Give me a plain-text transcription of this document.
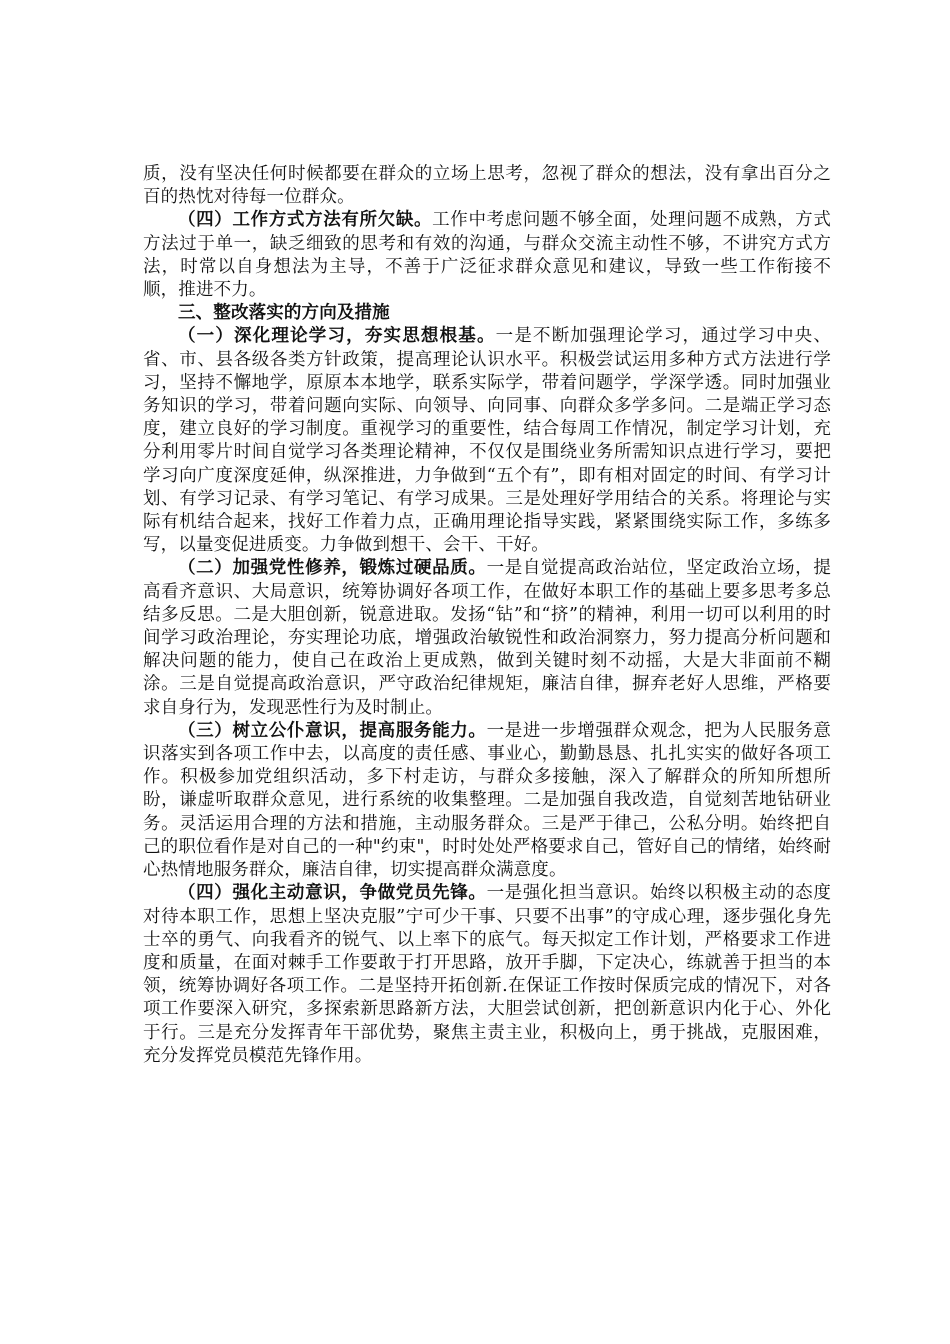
质，没有坚决任何时候都要在群众的立场上思考，忽视了群众的想法，没有拿出百分之百的热忱对待每一位群众。

（四）工作方式方法有所欠缺。工作中考虑问题不够全面，处理问题不成熟，方式方法过于单一，缺乏细致的思考和有效的沟通，与群众交流主动性不够，不讲究方式方法，时常以自身想法为主导，不善于广泛征求群众意见和建议，导致一些工作衔接不顺，推进不力。

三、整改落实的方向及措施

（一）深化理论学习，夯实思想根基。一是不断加强理论学习，通过学习中央、省、市、县各级各类方针政策，提高理论认识水平。积极尝试运用多种方式方法进行学习，坚持不懈地学，原原本本地学，联系实际学，带着问题学，学深学透。同时加强业务知识的学习，带着问题向实际、向领导、向同事、向群众多学多问。二是端正学习态度，建立良好的学习制度。重视学习的重要性，结合每周工作情况，制定学习计划，充分利用零片时间自觉学习各类理论精神，不仅仅是围绕业务所需知识点进行学习，要把学习向广度深度延伸，纵深推进，力争做到“五个有”，即有相对固定的时间、有学习计划、有学习记录、有学习笔记、有学习成果。三是处理好学用结合的关系。将理论与实际有机结合起来，找好工作着力点，正确用理论指导实践，紧紧围绕实际工作，多练多写，以量变促进质变。力争做到想干、会干、干好。

（二）加强党性修养，锻炼过硬品质。一是自觉提高政治站位，坚定政治立场，提高看齐意识、大局意识，统筹协调好各项工作，在做好本职工作的基础上要多思考多总结多反思。二是大胆创新，锐意进取。发扬“钻”和“挤”的精神，利用一切可以利用的时间学习政治理论，夯实理论功底，增强政治敏锐性和政治洞察力，努力提高分析问题和解决问题的能力，使自己在政治上更成熟，做到关键时刻不动摇，大是大非面前不糊涂。三是自觉提高政治意识，严守政治纪律规矩，廉洁自律，摒弃老好人思维，严格要求自身行为，发现恶性行为及时制止。

（三）树立公仆意识，提高服务能力。一是进一步增强群众观念，把为人民服务意识落实到各项工作中去，以高度的责任感、事业心，勤勤恳恳、扎扎实实的做好各项工作。积极参加党组织活动，多下村走访，与群众多接触，深入了解群众的所知所想所盼，谦虚听取群众意见，进行系统的收集整理。二是加强自我改造，自觉刻苦地钻研业务。灵活运用合理的方法和措施，主动服务群众。三是严于律己，公私分明。始终把自己的职位看作是对自己的一种"约束"，时时处处严格要求自己，管好自己的情绪，始终耐心热情地服务群众，廉洁自律，切实提高群众满意度。

（四）强化主动意识，争做党员先锋。一是强化担当意识。始终以积极主动的态度对待本职工作，思想上坚决克服”宁可少干事、只要不出事”的守成心理，逐步强化身先士卒的勇气、向我看齐的锐气、以上率下的底气。每天拟定工作计划，严格要求工作进度和质量，在面对棘手工作要敢于打开思路，放开手脚，下定决心，练就善于担当的本领，统筹协调好各项工作。二是坚持开拓创新.在保证工作按时保质完成的情况下，对各项工作要深入研究，多探索新思路新方法，大胆尝试创新，把创新意识内化于心、外化于行。三是充分发挥青年干部优势，聚焦主责主业，积极向上，勇于挑战，克服困难，充分发挥党员模范先锋作用。
